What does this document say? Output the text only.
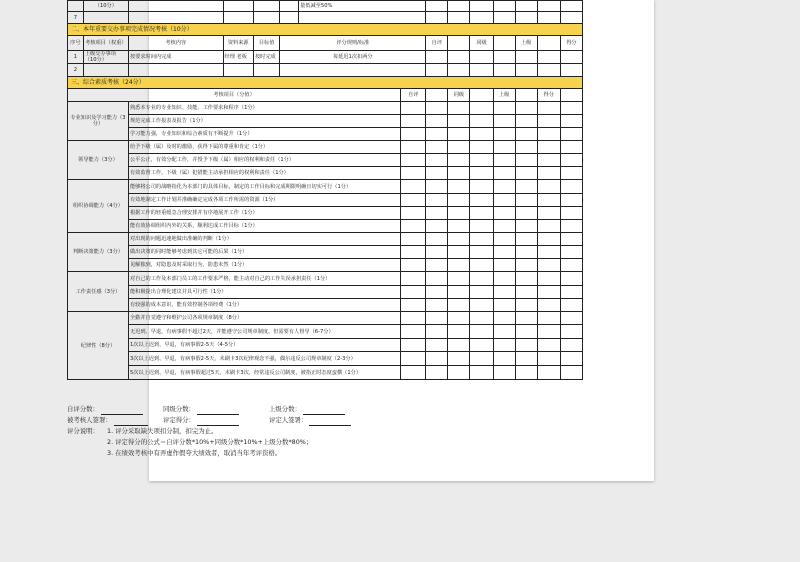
	（10分）					量低减至50%								
7														
二、本年重要交办事项完成情况考核（10分）														
序号	考核项目（权重）	考核内容	资料来源	目标值	评分规则/标准			自评		同级		上级		得分
1	上级交办事项（10分）	按要求时间内完成	经理 老板	按时完成	每延迟1次扣两分									
2														
三、综合素质考核（24分）														
考核项目（分值）							自评		同级		上级		得分	
专业知识及学习能力（3分）		熟悉本专业的专业知识、技能、工作要求和程序（1分）												
		规范完成工作报表及报告（1分）												
		学习能力强，专业知识和综合素质有不断提升（1分）												
领导能力（3分）		给予下级（属）及时的激励，获得下属的尊重和肯定（1分）												
		公平公正，有效分配工作，并授予下级（属）相应的权利和责任（1分）												
		有效监督工作，下级（属）犯错能主动承担相应的权利和责任（1分）												
组织协调能力（4分）		能够将公司的战略指化为本部门的具体目标，制定的工作目标和完成期限明确且切实可行（1分）												
		有效地制定工作计划并准确确定完成各项工作所需的资源（1分）												
		根据工作的轻重缓急合理安排并有序地展开工作（1分）												
		能有效协调组织内外的关系，顺利达成工作目标（1分）												
判断决策能力（3分）		对出现的问题迅速地做出准确的判断（1分）												
		做出决策的同时能够考虑到其它可能的后果（1分）												
		见解独到，对隐患及时采取行为，防患未然（1分）												
工作责任感（3分）		对自己的工作及本部门员工的工作要求严格，能主动对自己的工作失误承担责任（1分）												
		能积极提出合理化建议并具可行性（1分）												
		有较强的成本意识，能有效控制各项经费（1分）												
纪律性（8分）		全勤并自觉遵守和维护公司各项规章制度（8分）												
		无迟到、早退，有病事假不超过2天，并能遵守公司规章制度，但需要有人督导（6-7分）												
		1次以上迟到、早退，有病事假2-5天（4-5分）												
		3次以上迟到、早退，有病事假2-5天，未刷卡3次纪律观念不强，偶尔违反公司规章制度（2-3分）												
		5次以上迟到、早退，有病事假超过5天，未刷卡3次，经常违反公司制度，被指正时态度蛮横（1分）												
自评分数：	同级分数：	上级分数：
被考核人签署：	评定得分：	评定人签署：
评分说明： 1. 评分采取缺失项扣分制，扣完为止。
2. 评定得分的公式＝自评分数*10%+同级分数*10%+上级分数*80%；
3. 在绩效考核中有弄虚作假夸大绩效者，取消当年考评资格。
